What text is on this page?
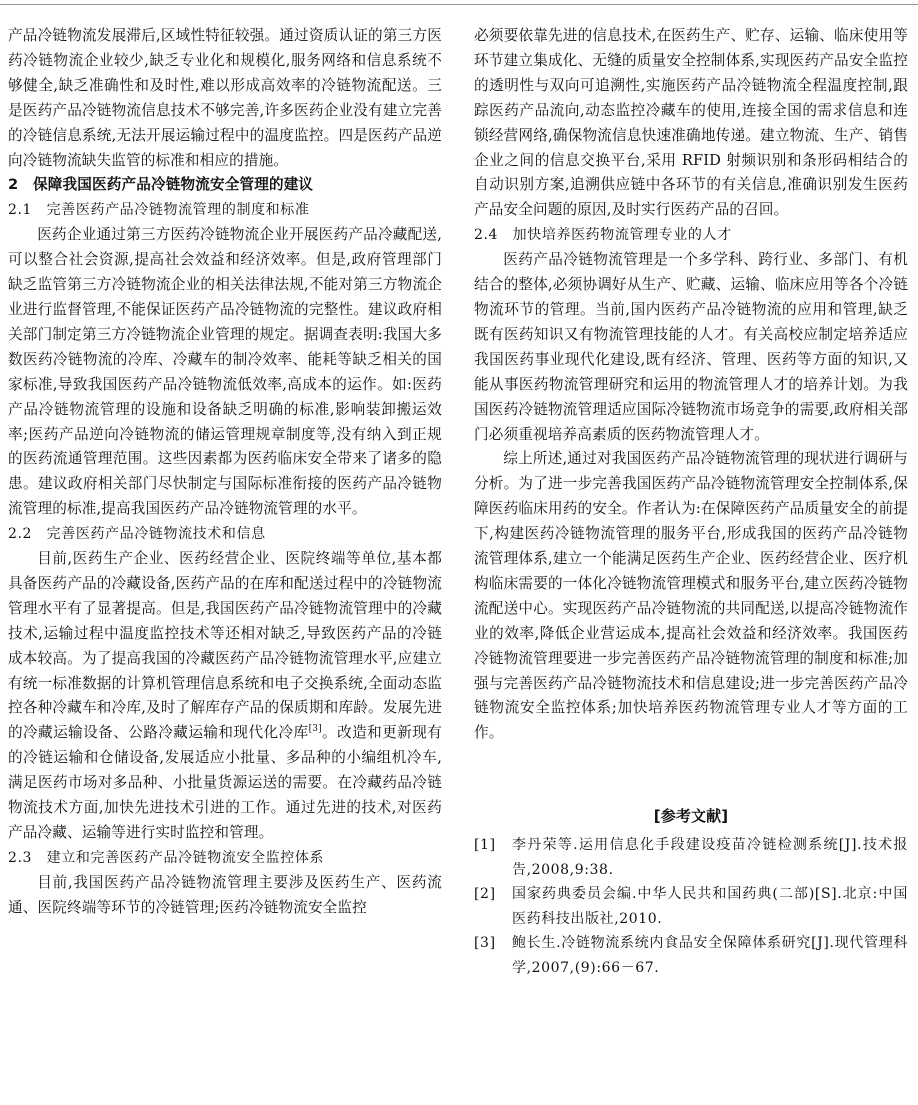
产品冷链物流发展滞后,区域性特征较强。通过资质认证的第三方医药冷链物流企业较少,缺乏专业化和规模化,服务网络和信息系统不够健全,缺乏准确性和及时性,难以形成高效率的冷链物流配送。三是医药产品冷链物流信息技术不够完善,许多医药企业没有建立完善的冷链信息系统,无法开展运输过程中的温度监控。四是医药产品逆向冷链物流缺失监管的标准和相应的措施。

2　保障我国医药产品冷链物流安全管理的建议

2.1　完善医药产品冷链物流管理的制度和标准

医药企业通过第三方医药冷链物流企业开展医药产品冷藏配送,可以整合社会资源,提高社会效益和经济效率。但是,政府管理部门缺乏监管第三方冷链物流企业的相关法律法规,不能对第三方物流企业进行监督管理,不能保证医药产品冷链物流的完整性。建议政府相关部门制定第三方冷链物流企业管理的规定。据调查表明:我国大多数医药冷链物流的冷库、冷藏车的制冷效率、能耗等缺乏相关的国家标准,导致我国医药产品冷链物流低效率,高成本的运作。如:医药产品冷链物流管理的设施和设备缺乏明确的标准,影响装卸搬运效率;医药产品逆向冷链物流的储运管理规章制度等,没有纳入到正规的医药流通管理范围。这些因素都为医药临床安全带来了诸多的隐患。建议政府相关部门尽快制定与国际标准衔接的医药产品冷链物流管理的标准,提高我国医药产品冷链物流管理的水平。

2.2　完善医药产品冷链物流技术和信息

目前,医药生产企业、医药经营企业、医院终端等单位,基本都具备医药产品的冷藏设备,医药产品的在库和配送过程中的冷链物流管理水平有了显著提高。但是,我国医药产品冷链物流管理中的冷藏技术,运输过程中温度监控技术等还相对缺乏,导致医药产品的冷链成本较高。为了提高我国的冷藏医药产品冷链物流管理水平,应建立有统一标准数据的计算机管理信息系统和电子交换系统,全面动态监控各种冷藏车和冷库,及时了解库存产品的保质期和库龄。发展先进的冷藏运输设备、公路冷藏运输和现代化冷库[3]。改造和更新现有的冷链运输和仓储设备,发展适应小批量、多品种的小编组机冷车,满足医药市场对多品种、小批量货源运送的需要。在冷藏药品冷链物流技术方面,加快先进技术引进的工作。通过先进的技术,对医药产品冷藏、运输等进行实时监控和管理。

2.3　建立和完善医药产品冷链物流安全监控体系

目前,我国医药产品冷链物流管理主要涉及医药生产、医药流通、医院终端等环节的冷链管理;医药冷链物流安全监控

必须要依靠先进的信息技术,在医药生产、贮存、运输、临床使用等环节建立集成化、无缝的质量安全控制体系,实现医药产品安全监控的透明性与双向可追溯性,实施医药产品冷链物流全程温度控制,跟踪医药产品流向,动态监控冷藏车的使用,连接全国的需求信息和连锁经营网络,确保物流信息快速准确地传递。建立物流、生产、销售企业之间的信息交换平台,采用 RFID 射频识别和条形码相结合的自动识别方案,追溯供应链中各环节的有关信息,准确识别发生医药产品安全问题的原因,及时实行医药产品的召回。

2.4　加快培养医药物流管理专业的人才

医药产品冷链物流管理是一个多学科、跨行业、多部门、有机结合的整体,必须协调好从生产、贮藏、运输、临床应用等各个冷链物流环节的管理。当前,国内医药产品冷链物流的应用和管理,缺乏既有医药知识又有物流管理技能的人才。有关高校应制定培养适应我国医药事业现代化建设,既有经济、管理、医药等方面的知识,又能从事医药物流管理研究和运用的物流管理人才的培养计划。为我国医药冷链物流管理适应国际冷链物流市场竞争的需要,政府相关部门必须重视培养高素质的医药物流管理人才。

综上所述,通过对我国医药产品冷链物流管理的现状进行调研与分析。为了进一步完善我国医药产品冷链物流管理安全控制体系,保障医药临床用药的安全。作者认为:在保障医药产品质量安全的前提下,构建医药冷链物流管理的服务平台,形成我国的医药产品冷链物流管理体系,建立一个能满足医药生产企业、医药经营企业、医疗机构临床需要的一体化冷链物流管理模式和服务平台,建立医药冷链物流配送中心。实现医药产品冷链物流的共同配送,以提高冷链物流作业的效率,降低企业营运成本,提高社会效益和经济效率。我国医药冷链物流管理要进一步完善医药产品冷链物流管理的制度和标准;加强与完善医药产品冷链物流技术和信息建设;进一步完善医药产品冷链物流安全监控体系;加快培养医药物流管理专业人才等方面的工作。

[参考文献]
[1]	李丹荣等.运用信息化手段建设疫苗冷链检测系统[J].技术报告,2008,9:38.
[2]	国家药典委员会编.中华人民共和国药典(二部)[S].北京:中国医药科技出版社,2010.
[3]	鲍长生.冷链物流系统内食品安全保障体系研究[J].现代管理科学,2007,(9):66－67.
